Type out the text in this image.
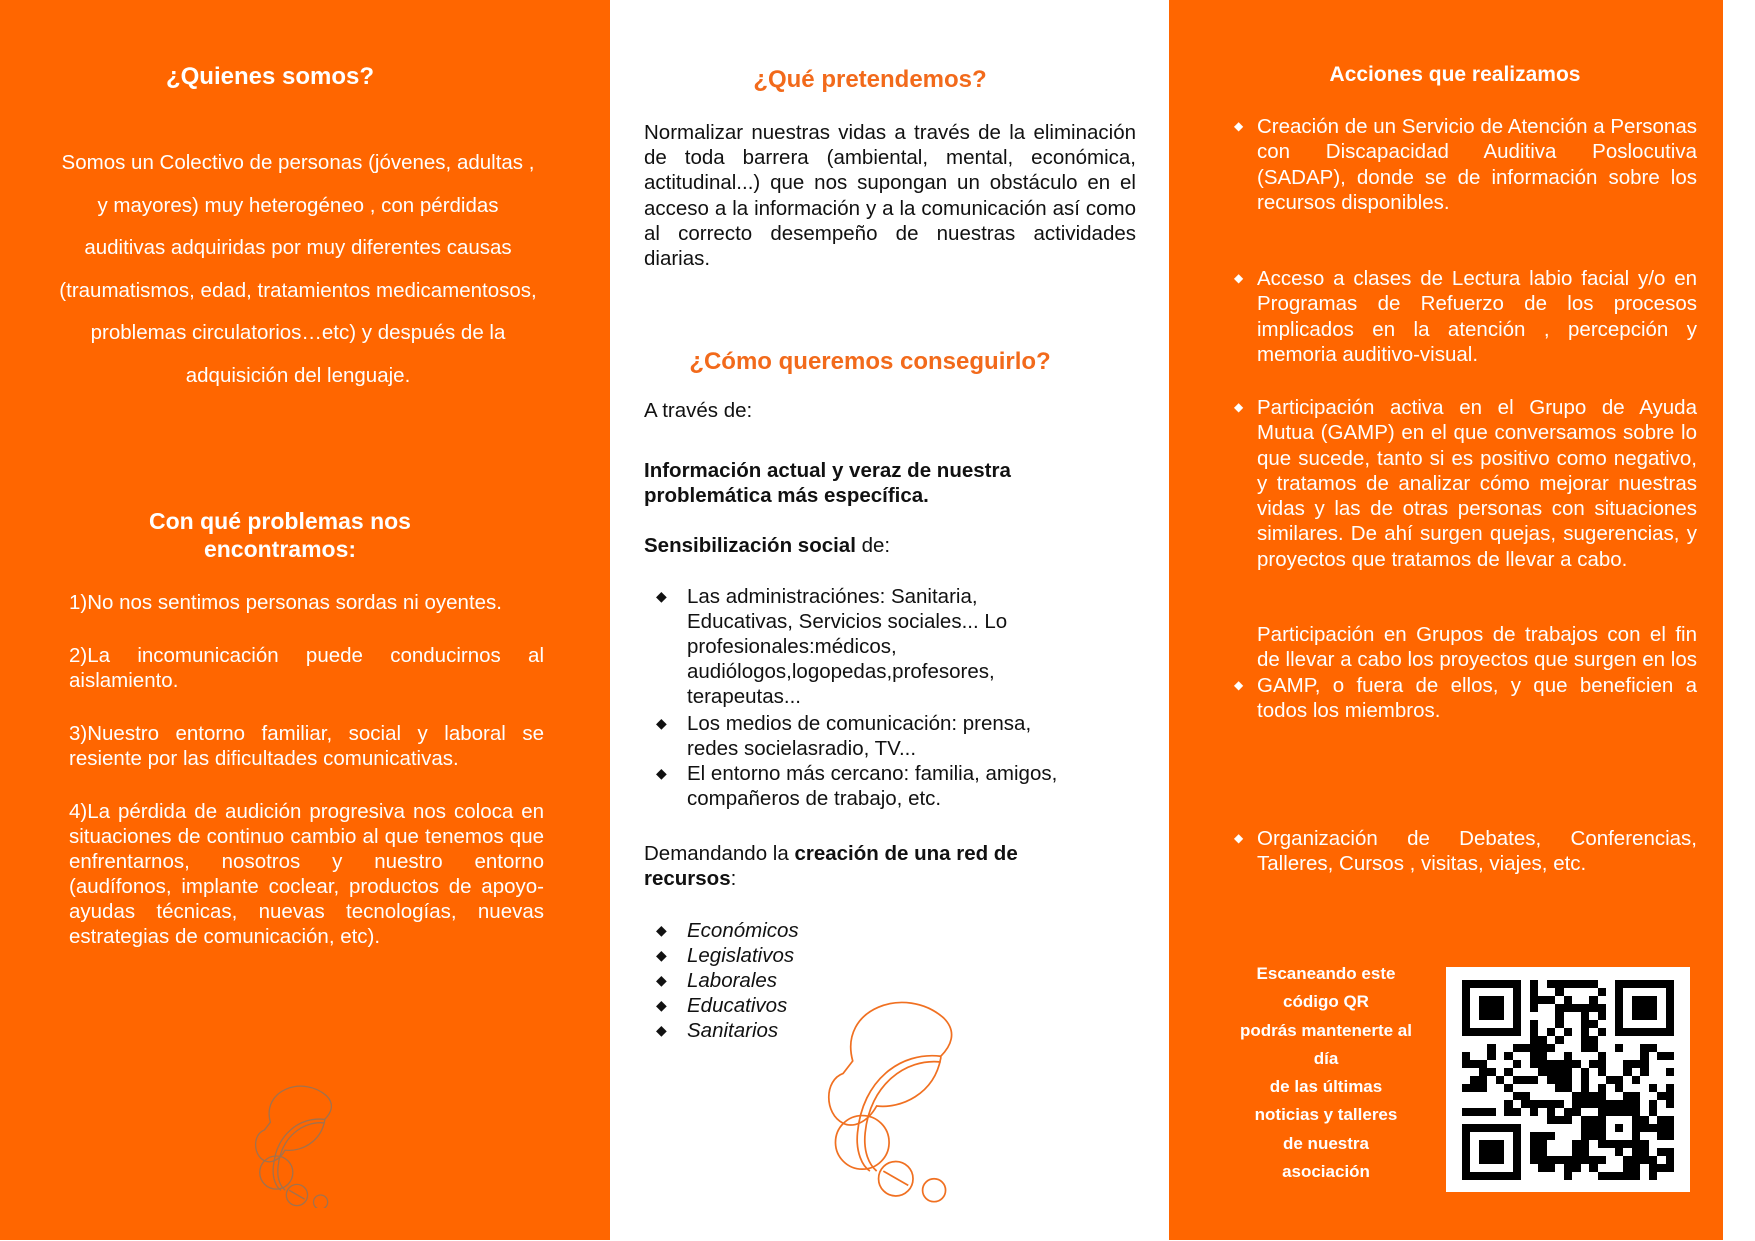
¿Quienes somos?
Somos un Colectivo de personas (jóvenes, adultas , y mayores) muy heterogéneo , con pérdidas auditivas adquiridas por muy diferentes causas (traumatismos, edad, tratamientos medicamentosos, problemas circulatorios…etc) y después de la adquisición del lenguaje.
Con qué problemas nos
encontramos:

1)No nos sentimos personas sordas ni oyentes.

2)La incomunicación puede conducirnos al aislamiento.

3)Nuestro entorno familiar, social y laboral se resiente por las dificultades comunicativas.

4)La pérdida de audición progresiva nos coloca en situaciones de continuo cambio al que tenemos que enfrentarnos, nosotros y nuestro entorno (audífonos, implante coclear, productos de apoyo- ayudas técnicas, nuevas tecnologías, nuevas estrategias de comunicación, etc).

¿Qué pretendemos?
Normalizar nuestras vidas a través de la eliminación de toda barrera (ambiental, mental, económica, actitudinal...) que nos supongan un obstáculo en el acceso a la información y a la comunicación así como al correcto desempeño de nuestras actividades diarias.
¿Cómo queremos conseguirlo?
A través de:
Información actual y veraz de nuestra problemática más específica.
Sensibilización social de:
◆ Las administraciónes: Sanitaria, Educativas, Servicios sociales... Lo profesionales:médicos, audiólogos,logopedas,profesores, terapeutas...
◆ Los medios de comunicación: prensa, redes socielasradio, TV...
◆ El entorno más cercano: familia, amigos, compañeros de trabajo, etc.
Demandando la creación de una red de recursos:
◆ Económicos
◆ Legislativos
◆ Laborales
◆ Educativos
◆ Sanitarios
Acciones que realizamos
◆ Creación de un Servicio de Atención a Personas con Discapacidad Auditiva Poslocutiva (SADAP), donde se de información sobre los recursos disponibles.
◆ Acceso a clases de Lectura labio facial y/o en Programas de Refuerzo de los procesos implicados en la atención , percepción y memoria auditivo-visual.
◆ Participación activa en el Grupo de Ayuda Mutua (GAMP) en el que conversamos sobre lo que sucede, tanto si es positivo como negativo, y tratamos de analizar cómo mejorar nuestras vidas y las de otras personas con situaciones similares. De ahí surgen quejas, sugerencias, y proyectos que tratamos de llevar a cabo.
◆
Participación en Grupos de trabajos con el fin de llevar a cabo los proyectos que surgen en los GAMP, o fuera de ellos, y que beneficien a todos los miembros.
◆ Organización de Debates, Conferencias, Talleres, Cursos , visitas, viajes, etc.
Escaneando este
código QR
podrás mantenerte al
día
de las últimas
noticias y talleres
de nuestra
asociación
